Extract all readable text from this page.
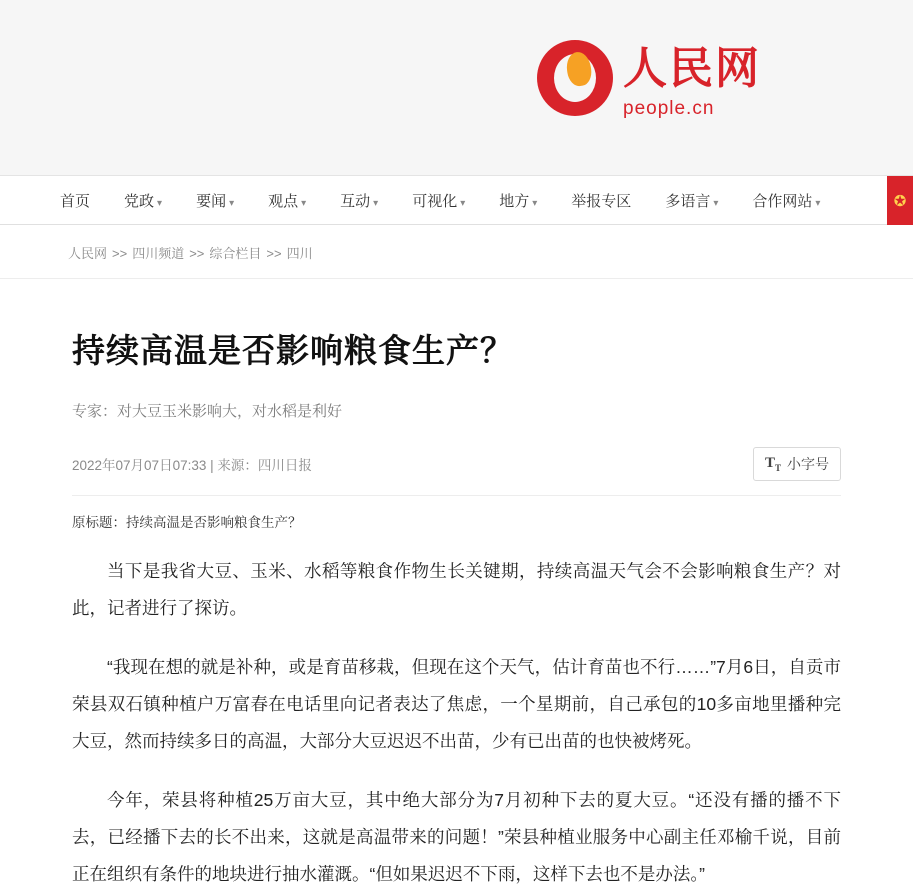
人民网
people.cn
首页 党政 ▾ 要闻 ▾ 观点 ▾ 互动 ▾ 可视化 ▾ 地方 ▾ 举报专区 多语言 ▾ 合作网站 ▾	✪
人民网 >> 四川频道 >> 综合栏目 >> 四川
持续高温是否影响粮食生产？
专家：对大豆玉米影响大，对水稻是利好
2022年07月07日07:33 | 来源：四川日报	$T_T$ 小字号
原标题：持续高温是否影响粮食生产？

当下是我省大豆、玉米、水稻等粮食作物生长关键期，持续高温天气会不会影响粮食生产？对此，记者进行了探访。

“我现在想的就是补种，或是育苗移栽，但现在这个天气，估计育苗也不行……”7月6日，自贡市荣县双石镇种植户万富春在电话里向记者表达了焦虑，一个星期前，自己承包的10多亩地里播种完大豆，然而持续多日的高温，大部分大豆迟迟不出苗，少有已出苗的也快被烤死。

今年，荣县将种植25万亩大豆，其中绝大部分为7月初种下去的夏大豆。“还没有播的播不下去，已经播下去的长不出来，这就是高温带来的问题！”荣县种植业服务中心副主任邓榆千说，目前正在组织有条件的地块进行抽水灌溉。“但如果迟迟不下雨，这样下去也不是办法。”
